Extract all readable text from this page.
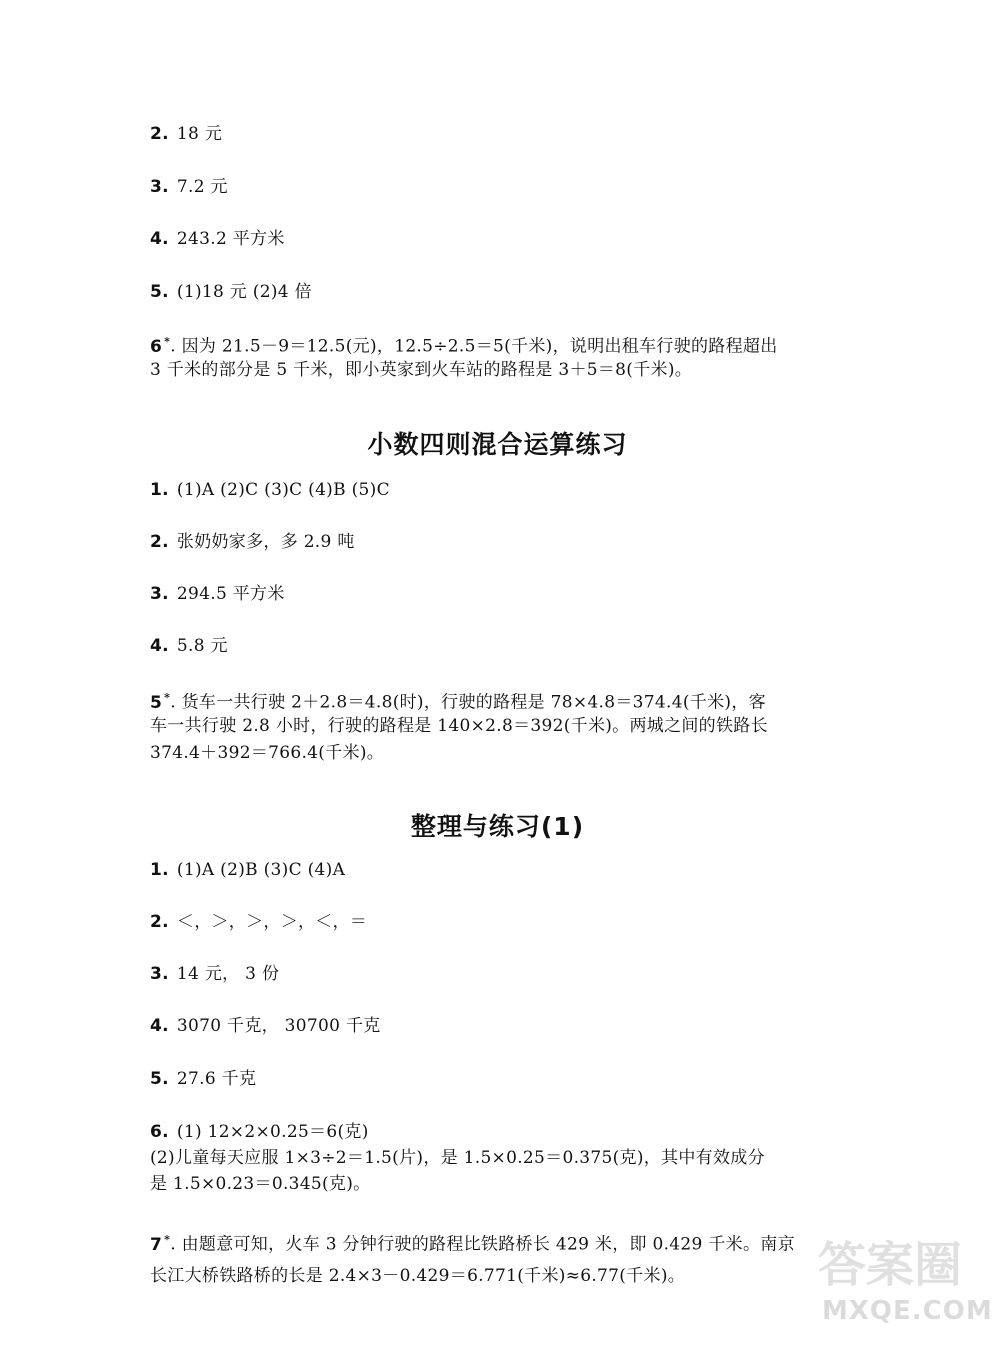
2. 18 元
3. 7.2 元
4. 243.2 平方米
5. (1)18 元 (2)4 倍
6 *. 因为 21.5－9＝12.5(元)，12.5÷2.5＝5(千米)，说明出租车行驶的路程超出
3 千米的部分是 5 千米，即小英家到火车站的路程是 3＋5＝8(千米)。
小数四则混合运算练习
1. (1)A (2)C (3)C (4)B (5)C
2. 张奶奶家多，多 2.9 吨
3. 294.5 平方米
4. 5.8 元
5 *. 货车一共行驶 2＋2.8＝4.8(时)，行驶的路程是 78×4.8＝374.4(千米)，客
车一共行驶 2.8 小时，行驶的路程是 140×2.8＝392(千米)。两城之间的铁路长
374.4＋392＝766.4(千米)。
整理与练习(1)
1. (1)A (2)B (3)C (4)A
2. ＜，＞，＞，＞，＜，＝
3. 14 元， 3 份
4. 3070 千克， 30700 千克
5. 27.6 千克
6. (1) 12×2×0.25＝6(克)
(2)儿童每天应服 1×3÷2＝1.5(片)，是 1.5×0.25＝0.375(克)，其中有效成分
是 1.5×0.23＝0.345(克)。
7 *. 由题意可知，火车 3 分钟行驶的路程比铁路桥长 429 米，即 0.429 千米。南京
长江大桥铁路桥的长是 2.4×3－0.429＝6.771(千米)≈6.77(千米)。	答案圈
MXQE.COM
